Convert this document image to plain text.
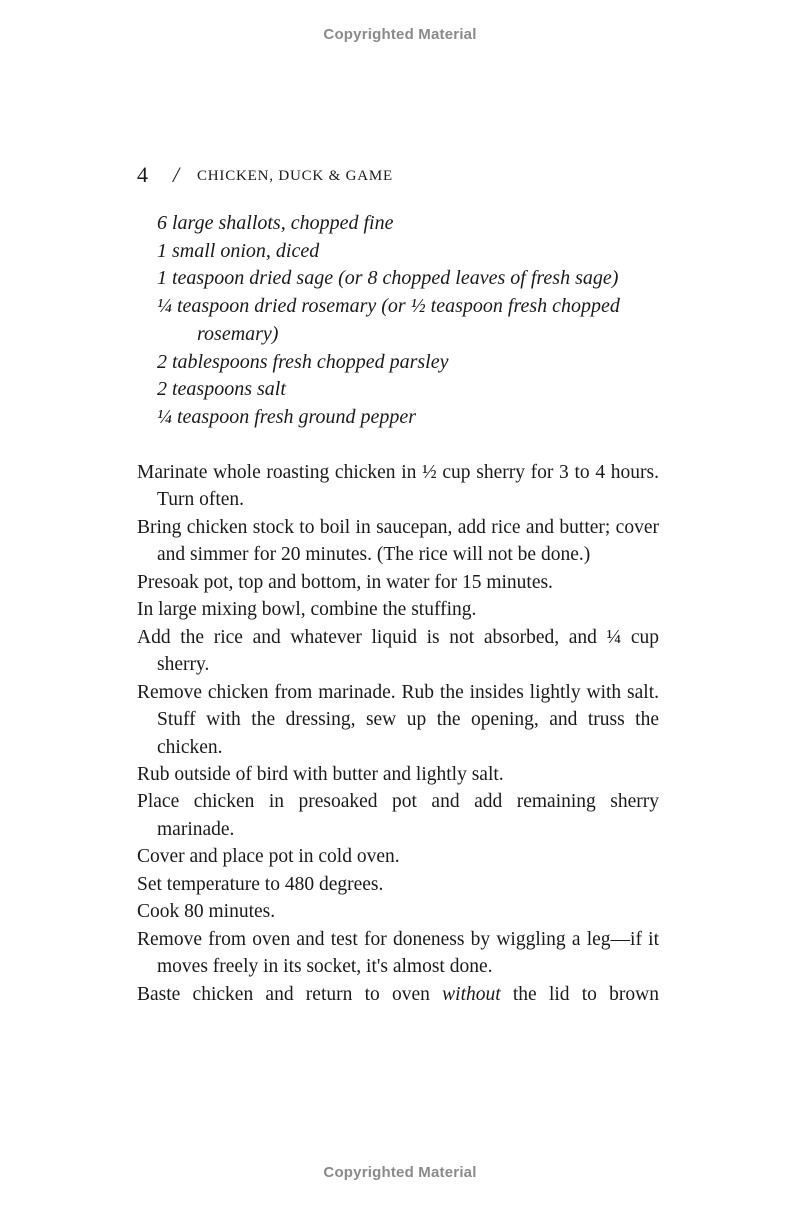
Copyrighted Material
4 / CHICKEN, DUCK & GAME
6 large shallots, chopped fine
1 small onion, diced
1 teaspoon dried sage (or 8 chopped leaves of fresh sage)
¼ teaspoon dried rosemary (or ½ teaspoon fresh chopped rosemary)
2 tablespoons fresh chopped parsley
2 teaspoons salt
¼ teaspoon fresh ground pepper
Marinate whole roasting chicken in ½ cup sherry for 3 to 4 hours. Turn often.
Bring chicken stock to boil in saucepan, add rice and butter; cover and simmer for 20 minutes. (The rice will not be done.)
Presoak pot, top and bottom, in water for 15 minutes.
In large mixing bowl, combine the stuffing.
Add the rice and whatever liquid is not absorbed, and ¼ cup sherry.
Remove chicken from marinade. Rub the insides lightly with salt. Stuff with the dressing, sew up the opening, and truss the chicken.
Rub outside of bird with butter and lightly salt.
Place chicken in presoaked pot and add remaining sherry marinade.
Cover and place pot in cold oven.
Set temperature to 480 degrees.
Cook 80 minutes.
Remove from oven and test for doneness by wiggling a leg—if it moves freely in its socket, it's almost done.
Baste chicken and return to oven without the lid to brown
Copyrighted Material
